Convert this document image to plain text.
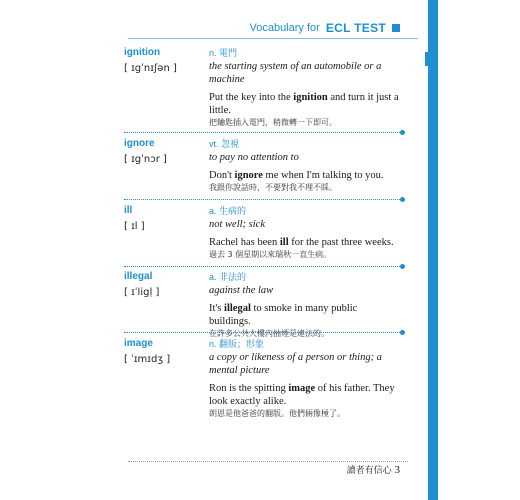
Vocabulary for ECL TEST
ignition
[ ɪgˈnɪʃən ]
n. 電門
the starting system of an automobile or a machine
Put the key into the ignition and turn it just a little.
把鑰匙插入電門，稍微轉一下即可。
ignore
[ ɪgˈnɔr ]
vt. 忽視
to pay no attention to
Don't ignore me when I'm talking to you.
我跟你說話時，不要對我不理不睬。
ill
[ ɪl ]
a. 生病的
not well; sick
Rachel has been ill for the past three weeks.
過去 3 個星期以來瑞秋一直生病。
illegal
[ ɪˈligḷ ]
a. 非法的
against the law
It's illegal to smoke in many public buildings.
在許多公共大樓內抽煙是違法的。
image
[ ˈɪmɪdʒ ]
n. 翻版；形象
a copy or likeness of a person or thing; a mental picture
Ron is the spitting image of his father. They look exactly alike.
朗恩是他爸爸的翻版。他們倆像極了。
讀者有信心 3
